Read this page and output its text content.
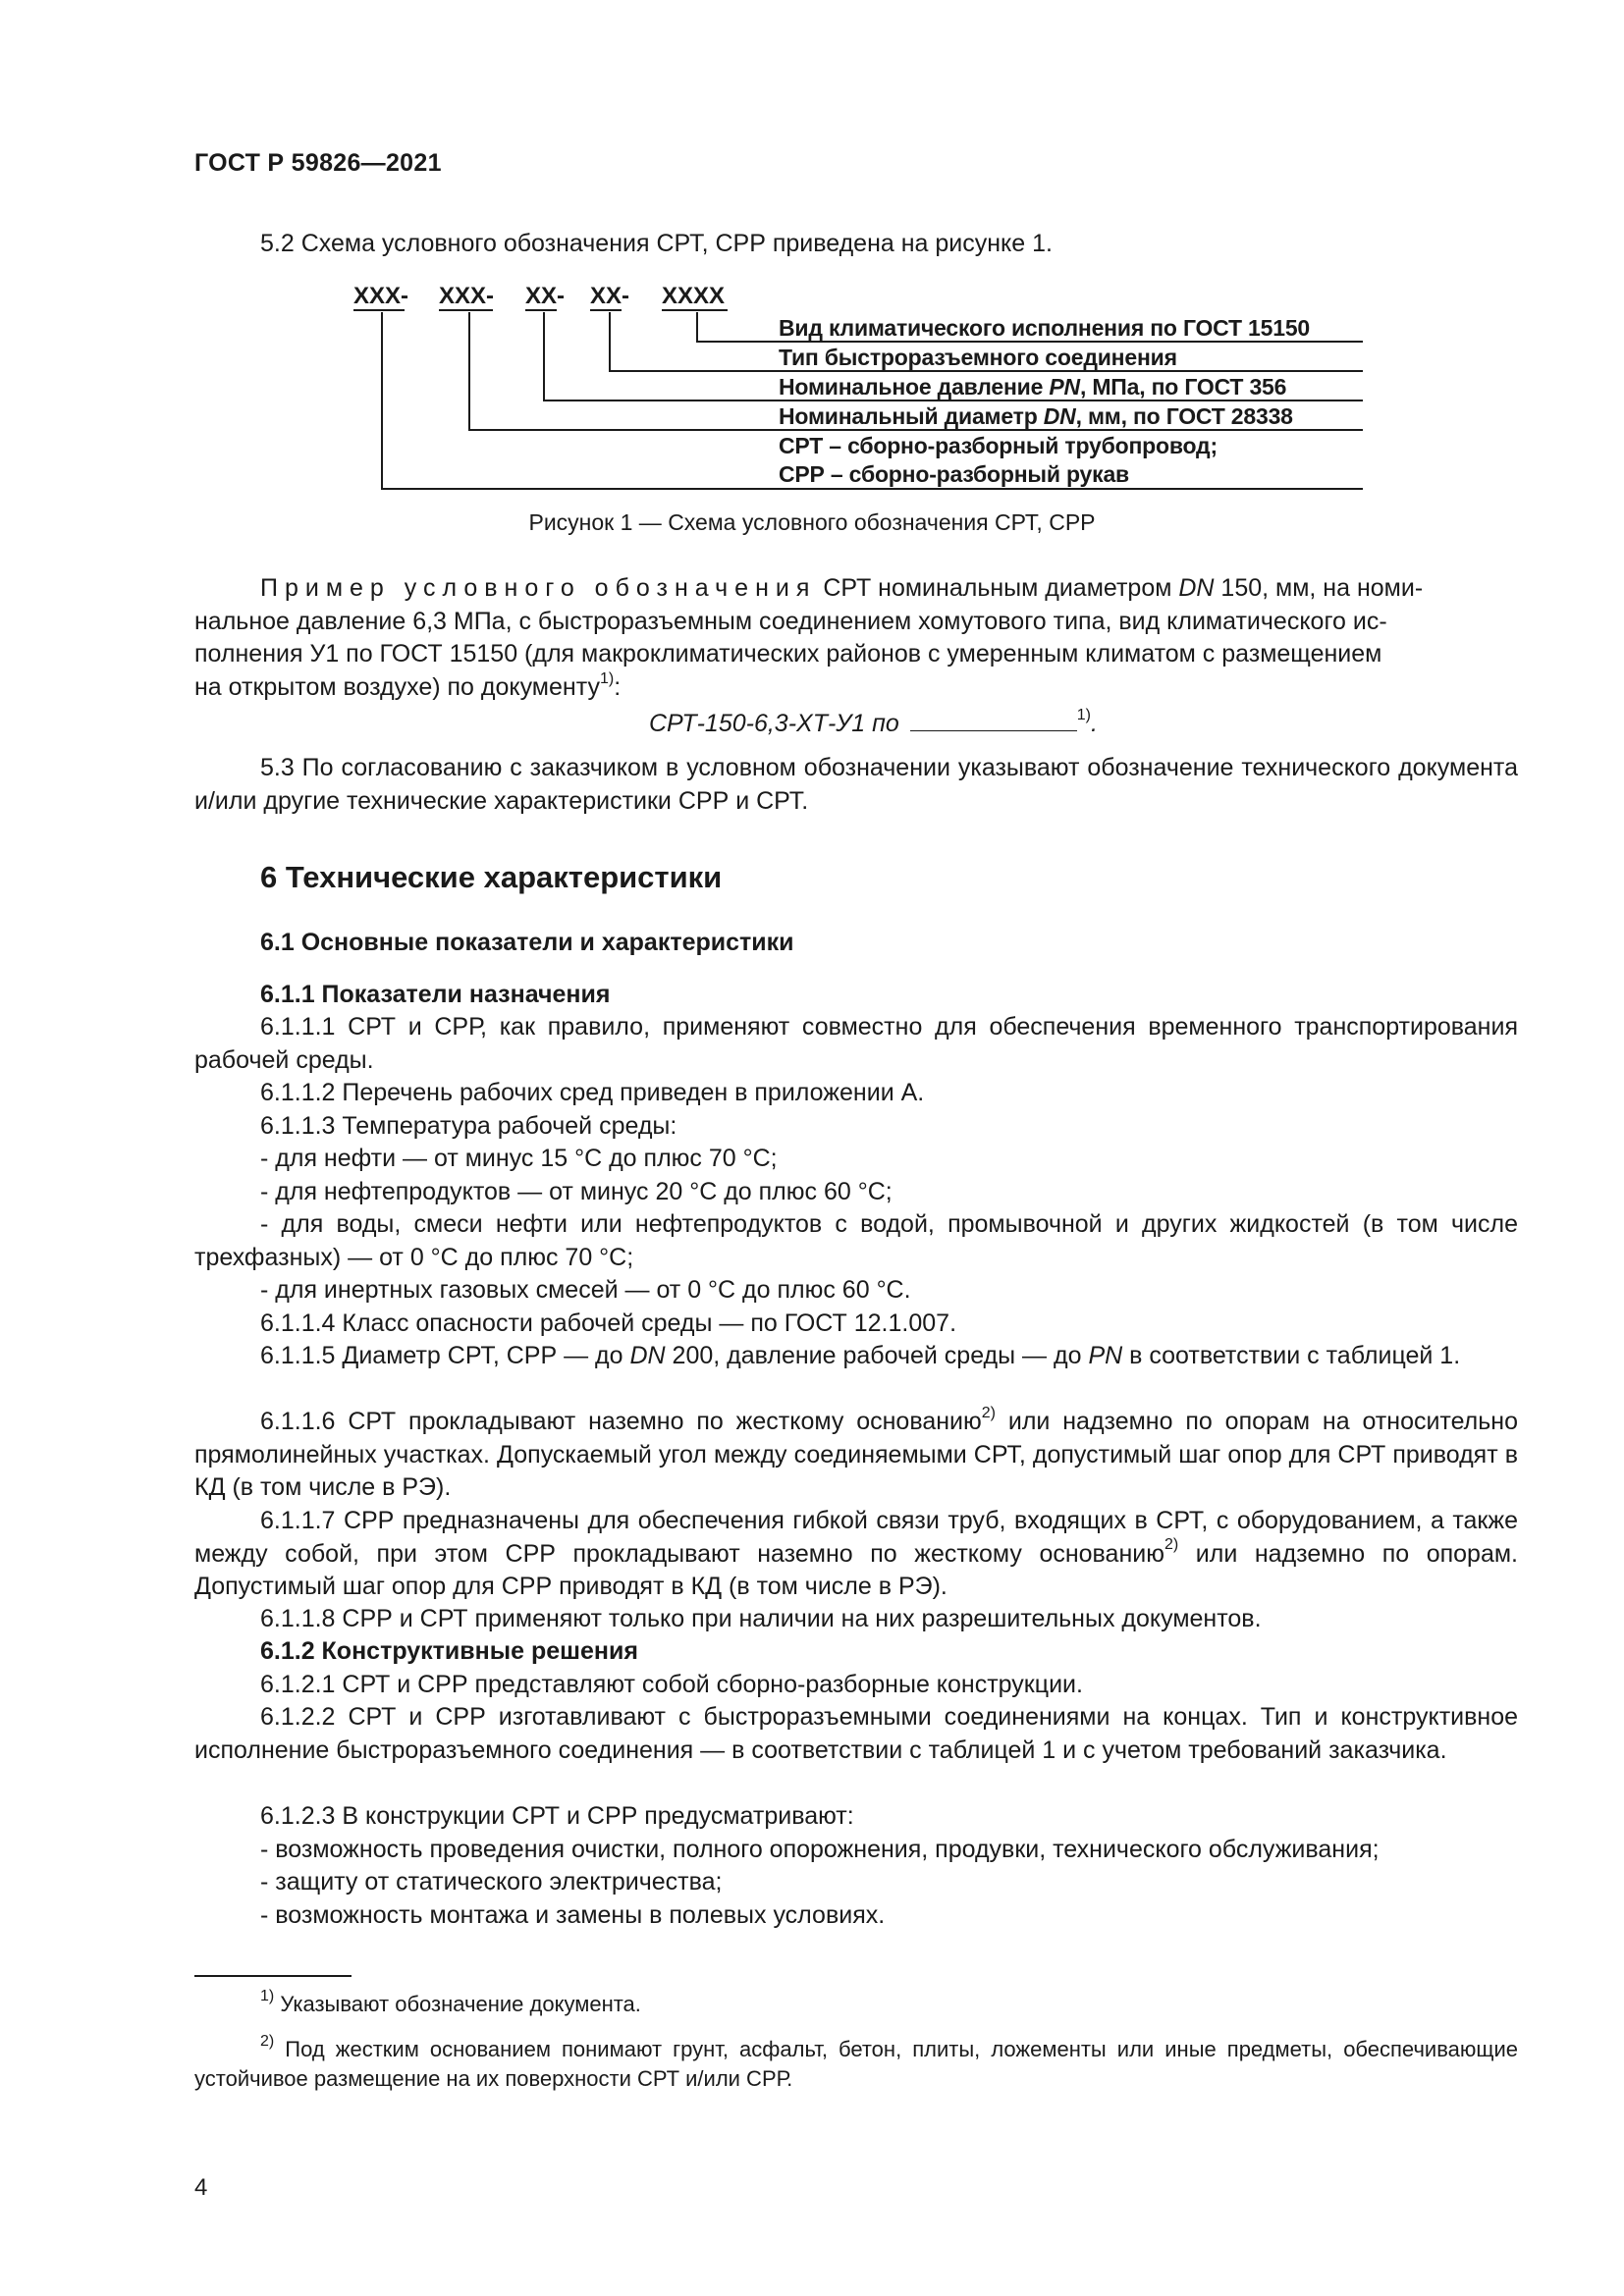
ГОСТ Р 59826—2021
5.2 Схема условного обозначения СРТ, СРР приведена на рисунке 1.
ХХХ- ХХХ- ХХ- ХХ- ХХХХ
Вид климатического исполнения по ГОСТ 15150
Тип быстроразъемного соединения
Номинальное давление PN, МПа, по ГОСТ 356
Номинальный диаметр DN, мм, по ГОСТ 28338
СРТ – сборно-разборный трубопровод;
СРР – сборно-разборный рукав
Рисунок 1 — Схема условного обозначения СРТ, СРР
Пример условного обозначения СРТ номинальным диаметром DN 150, мм, на номи-
нальное давление 6,3 МПа, с быстроразъемным соединением хомутового типа, вид климатического ис-
полнения У1 по ГОСТ 15150 (для макроклиматических районов с умеренным климатом с размещением
на открытом воздухе) по документу$^{1)}$:
СРТ-150-6,3-ХТ-У1 по	$^{1)}$.
5.3 По согласованию с заказчиком в условном обозначении указывают обозначение технического документа и/или другие технические характеристики СРР и СРТ.
6 Технические характеристики
6.1 Основные показатели и характеристики
6.1.1 Показатели назначения
6.1.1.1 СРТ и СРР, как правило, применяют совместно для обеспечения временного транспортирования рабочей среды.
6.1.1.2 Перечень рабочих сред приведен в приложении А.
6.1.1.3 Температура рабочей среды:
- для нефти — от минус 15 °С до плюс 70 °С;
- для нефтепродуктов — от минус 20 °С до плюс 60 °С;
- для воды, смеси нефти или нефтепродуктов с водой, промывочной и других жидкостей (в том числе трехфазных) — от 0 °С до плюс 70 °С;
- для инертных газовых смесей — от 0 °С до плюс 60 °С.
6.1.1.4 Класс опасности рабочей среды — по ГОСТ 12.1.007.
6.1.1.5 Диаметр СРТ, СРР — до DN 200, давление рабочей среды — до PN в соответствии с таблицей 1.
6.1.1.6 СРТ прокладывают наземно по жесткому основанию$^{2)}$ или надземно по опорам на относительно прямолинейных участках. Допускаемый угол между соединяемыми СРТ, допустимый шаг опор для СРТ приводят в КД (в том числе в РЭ).
6.1.1.7 СРР предназначены для обеспечения гибкой связи труб, входящих в СРТ, с оборудованием, а также между собой, при этом СРР прокладывают наземно по жесткому основанию$^{2)}$ или надземно по опорам. Допустимый шаг опор для СРР приводят в КД (в том числе в РЭ).
6.1.1.8 СРР и СРТ применяют только при наличии на них разрешительных документов.
6.1.2 Конструктивные решения
6.1.2.1 СРТ и СРР представляют собой сборно-разборные конструкции.
6.1.2.2 СРТ и СРР изготавливают с быстроразъемными соединениями на концах. Тип и конструктивное исполнение быстроразъемного соединения — в соответствии с таблицей 1 и с учетом требований заказчика.
6.1.2.3 В конструкции СРТ и СРР предусматривают:
- возможность проведения очистки, полного опорожнения, продувки, технического обслуживания;
- защиту от статического электричества;
- возможность монтажа и замены в полевых условиях.
$^{1)}$ Указывают обозначение документа.
$^{2)}$ Под жестким основанием понимают грунт, асфальт, бетон, плиты, ложементы или иные предметы, обеспечивающие устойчивое размещение на их поверхности СРТ и/или СРР.
4
